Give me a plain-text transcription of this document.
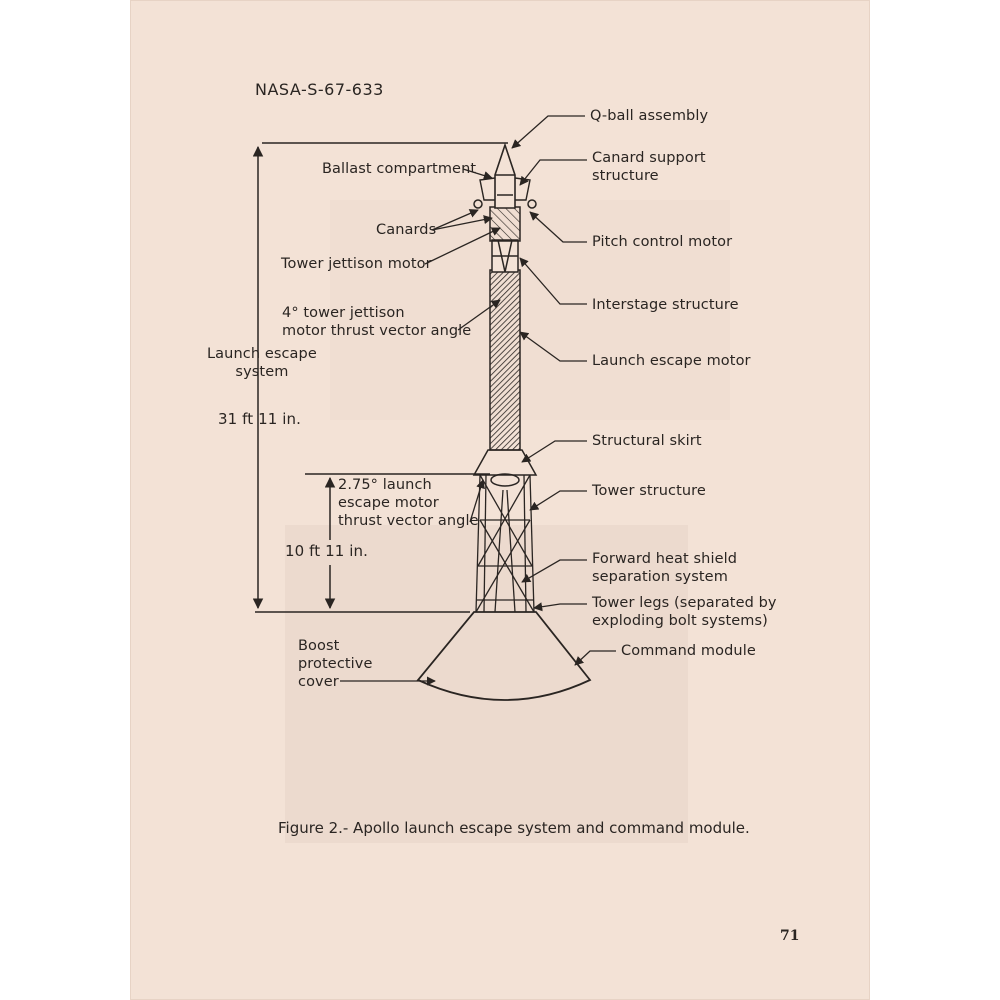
NASA-S-67-633
Q-ball assembly
Ballast compartment
Canard support
structure
Canards
Pitch control motor
Tower jettison motor
Interstage structure
4° tower jettison
motor thrust vector angle
Launch escape
system
Launch escape motor
31 ft 11 in.
Structural skirt
2.75° launch
escape motor
thrust vector angle
Tower structure
10 ft 11 in.	Forward heat shield
separation system
Tower legs (separated by
exploding bolt systems)
Boost
protective
cover
Command module
Figure 2.- Apollo launch escape system and command module.
71
